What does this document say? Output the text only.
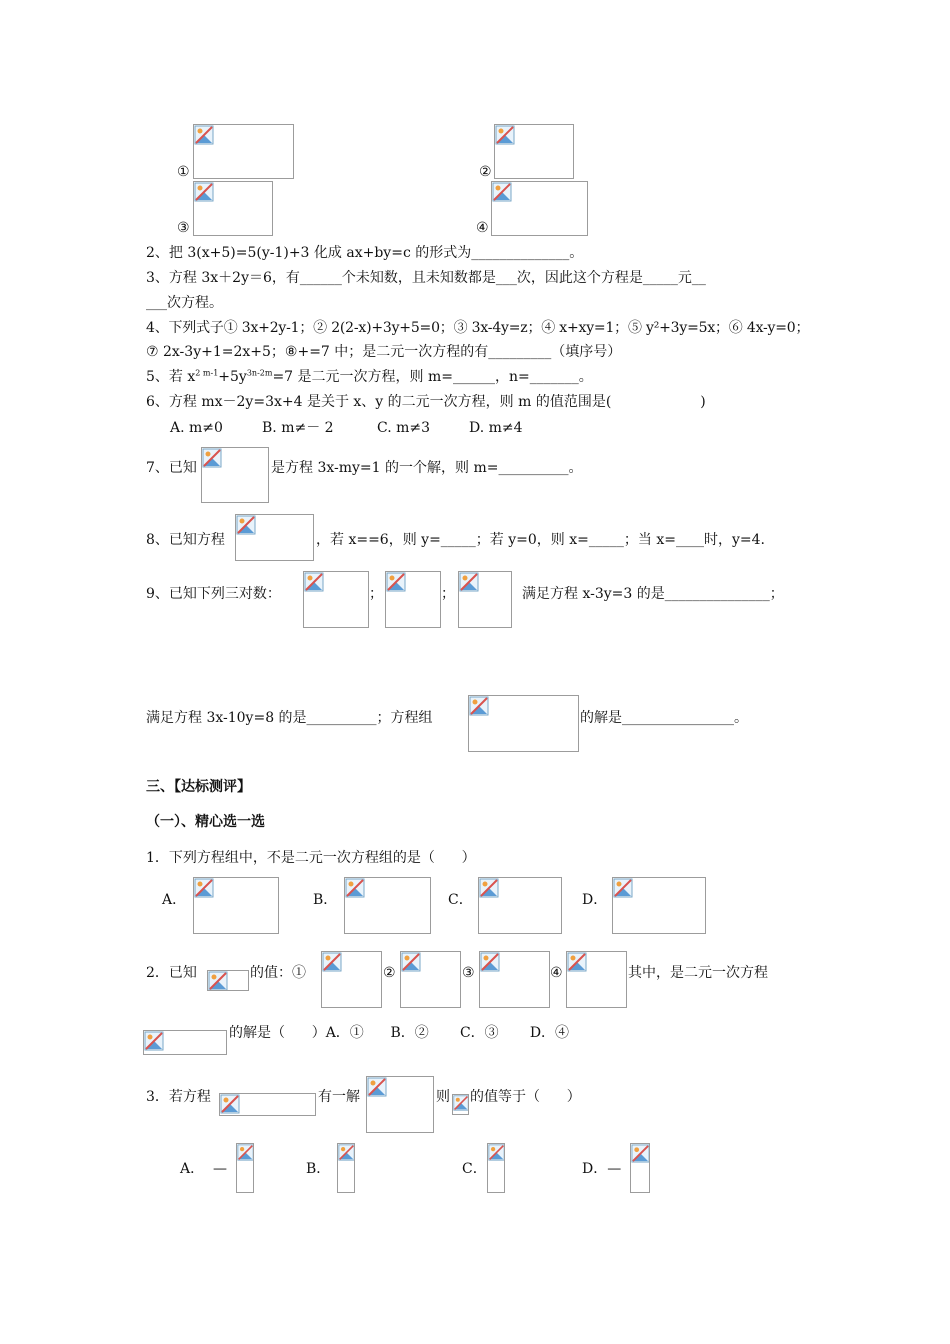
①	②
③	④
2、把 3(x+5)=5(y-1)+3 化成 ax+by=c 的形式为______________。
3、方程 3x＋2y＝6，有______个未知数，且未知数都是___次，因此这个方程是_____元__
___次方程。
4、下列式子① 3x+2y-1；② 2(2-x)+3y+5=0；③ 3x-4y=z；④ x+xy=1；⑤ y²+3y=5x；⑥ 4x-y=0；
⑦ 2x-3y+1=2x+5；⑧+=7 中；是二元一次方程的有_________（填序号）
5、若 $x^{2 m-1}+5y^{3n-2m}=7$ 是二元一次方程，则 m=______，n=_______。
6、方程 mx－2y=3x+4 是关于 x、y 的二元一次方程，则 m 的值范围是(                    )
A. m≠0	B. m≠－ 2	C. m≠3	D. m≠4
7、已知	是方程 3x-my=1 的一个解，则 m=__________。
8、已知方程	，若 x==6，则 y=_____；若 y=0，则 x=_____；当 x=____时，y=4.
9、已知下列三对数：	；	；	满足方程 x-3y=3 的是_______________；
满足方程 3x-10y=8 的是__________；方程组	的解是________________。
三、【达标测评】
（一）、精心选一选
1．下列方程组中，不是二元一次方程组的是（      ）
A．	B．	C．	D．
2．已知	的值：①	②	③	④	其中，是二元一次方程
的解是（      ）A．①      B．②       C．③       D．④
3．若方程	有一解	则 的值等于（      ）
A．  —	B．	C．	D．—
